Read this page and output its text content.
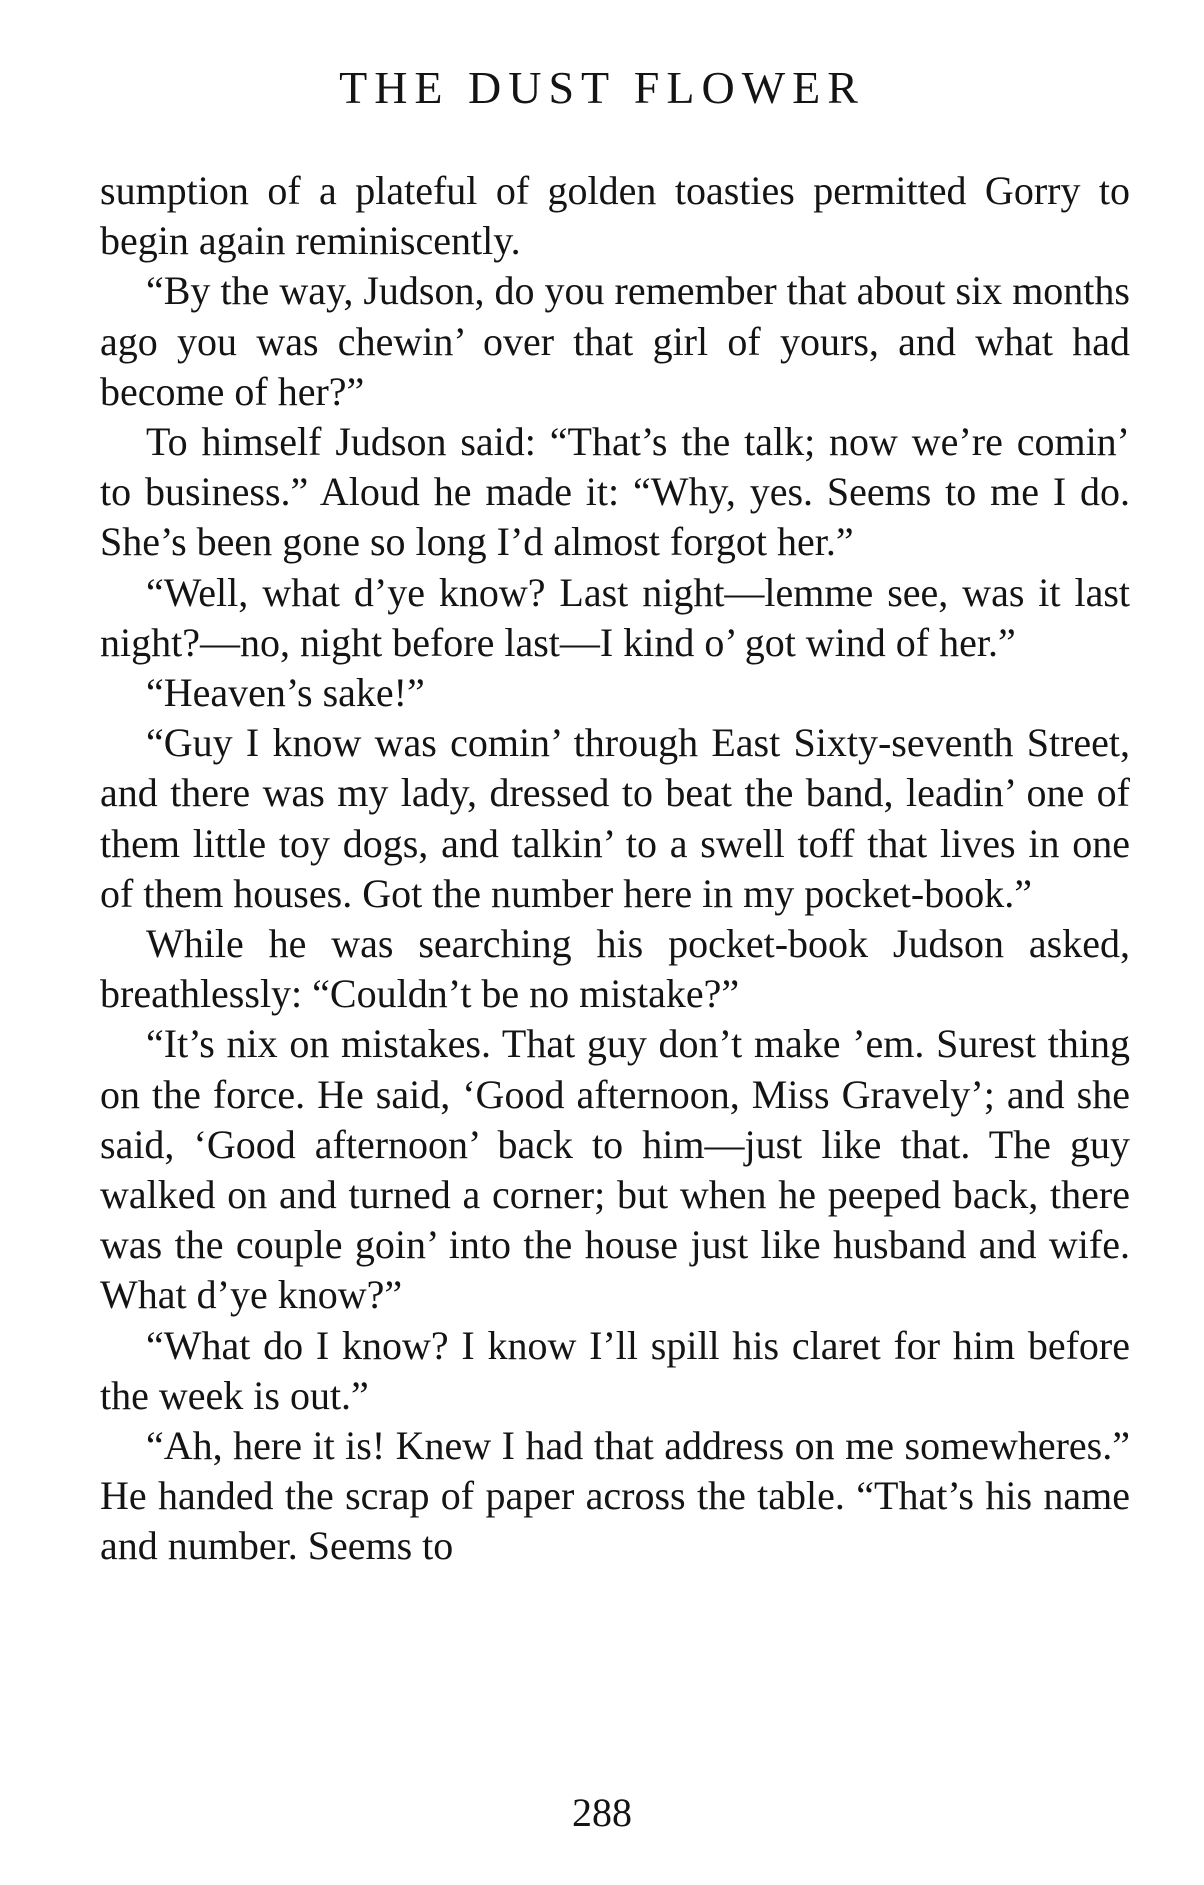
THE DUST FLOWER

sumption of a plateful of golden toasties permitted Gorry to begin again reminiscently.

“By the way, Judson, do you remember that about six months ago you was chewin’ over that girl of yours, and what had become of her?”

To himself Judson said: “That’s the talk; now we’re comin’ to business.” Aloud he made it: “Why, yes. Seems to me I do. She’s been gone so long I’d almost forgot her.”

“Well, what d’ye know? Last night—lemme see, was it last night?—no, night before last—I kind o’ got wind of her.”

“Heaven’s sake!”

“Guy I know was comin’ through East Sixty-seventh Street, and there was my lady, dressed to beat the band, leadin’ one of them little toy dogs, and talkin’ to a swell toff that lives in one of them houses. Got the number here in my pocket-book.”

While he was searching his pocket-book Judson asked, breathlessly: “Couldn’t be no mistake?”

“It’s nix on mistakes. That guy don’t make ’em. Surest thing on the force. He said, ‘Good afternoon, Miss Gravely’; and she said, ‘Good afternoon’ back to him—just like that. The guy walked on and turned a corner; but when he peeped back, there was the couple goin’ into the house just like husband and wife. What d’ye know?”

“What do I know? I know I’ll spill his claret for him before the week is out.”

“Ah, here it is! Knew I had that address on me somewheres.” He handed the scrap of paper across the table. “That’s his name and number. Seems to

288
